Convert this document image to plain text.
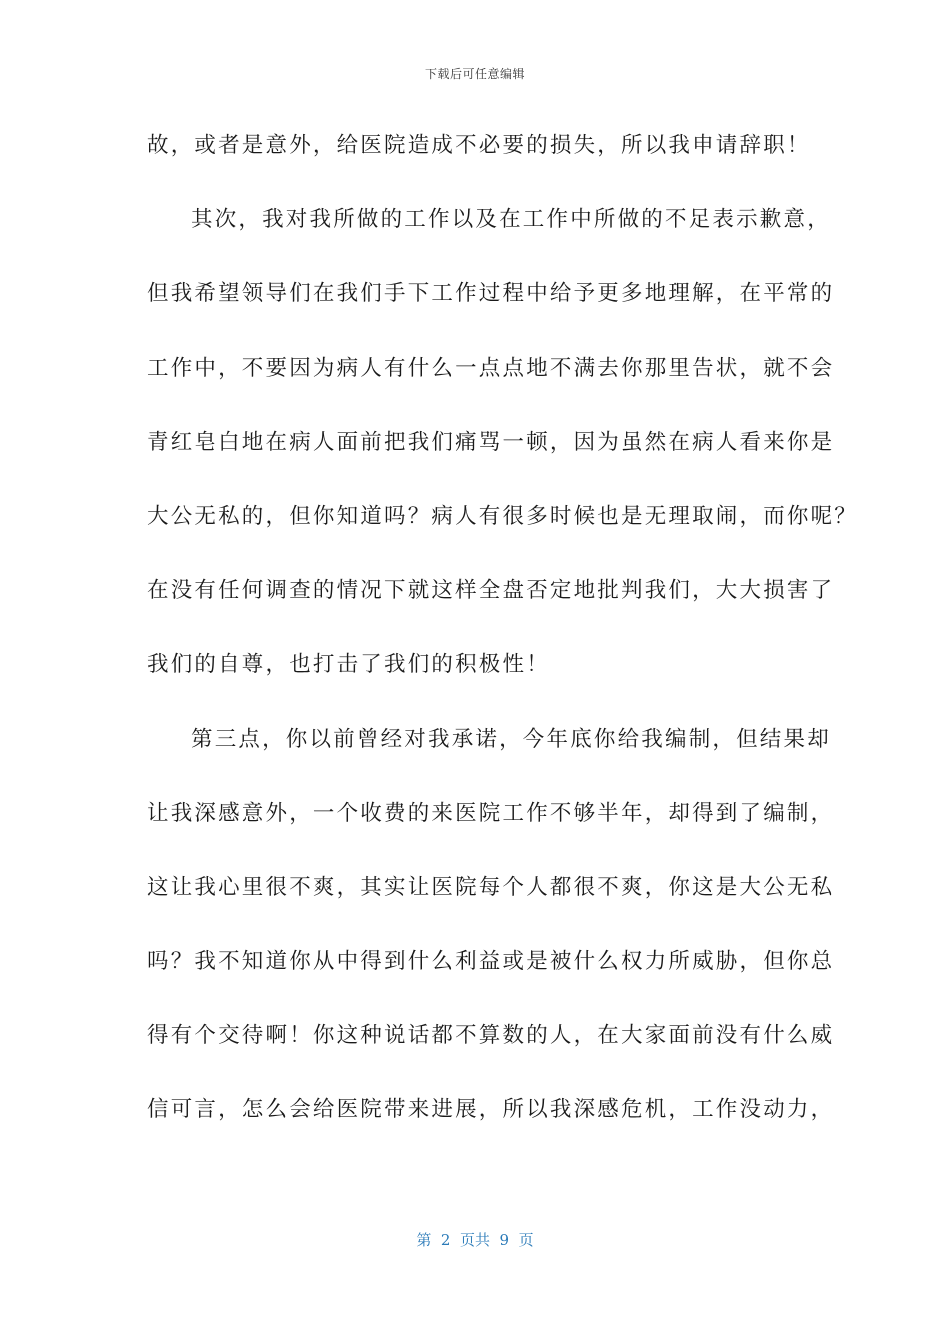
下载后可任意编辑
故，或者是意外，给医院造成不必要的损失，所以我申请辞职！
其次，我对我所做的工作以及在工作中所做的不足表示歉意，
但我希望领导们在我们手下工作过程中给予更多地理解，在平常的
工作中，不要因为病人有什么一点点地不满去你那里告状，就不会
青红皂白地在病人面前把我们痛骂一顿，因为虽然在病人看来你是
大公无私的，但你知道吗？病人有很多时候也是无理取闹，而你呢？
在没有任何调查的情况下就这样全盘否定地批判我们，大大损害了
我们的自尊，也打击了我们的积极性！
第三点，你以前曾经对我承诺，今年底你给我编制，但结果却
让我深感意外，一个收费的来医院工作不够半年，却得到了编制，
这让我心里很不爽，其实让医院每个人都很不爽，你这是大公无私
吗？我不知道你从中得到什么利益或是被什么权力所威胁，但你总
得有个交待啊！你这种说话都不算数的人，在大家面前没有什么威
信可言，怎么会给医院带来进展，所以我深感危机，工作没动力，
第  2  页共  9  页
